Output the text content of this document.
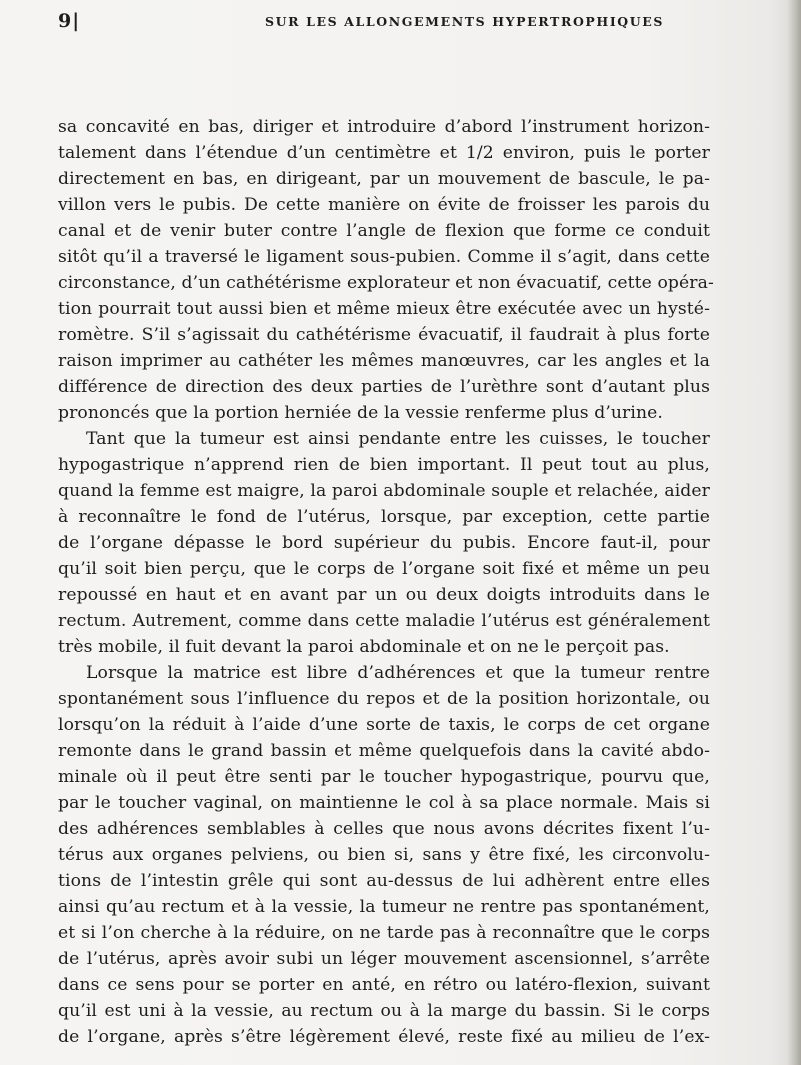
9|	SUR LES ALLONGEMENTS HYPERTROPHIQUES
sa concavité en bas, diriger et introduire d’abord l’instrument horizon-
talement dans l’étendue d’un centimètre et 1/2 environ, puis le porter
directement en bas, en dirigeant, par un mouvement de bascule, le pa-
villon vers le pubis. De cette manière on évite de froisser les parois du
canal et de venir buter contre l’angle de flexion que forme ce conduit
sitôt qu’il a traversé le ligament sous-pubien. Comme il s’agit, dans cette
circonstance, d’un cathétérisme explorateur et non évacuatif, cette opéra-
tion pourrait tout aussi bien et même mieux être exécutée avec un hysté-
romètre. S’il s’agissait du cathétérisme évacuatif, il faudrait à plus forte
raison imprimer au cathéter les mêmes manœuvres, car les angles et la
différence de direction des deux parties de l’urèthre sont d’autant plus
prononcés que la portion herniée de la vessie renferme plus d’urine.
Tant que la tumeur est ainsi pendante entre les cuisses, le toucher
hypogastrique n’apprend rien de bien important. Il peut tout au plus,
quand la femme est maigre, la paroi abdominale souple et relachée, aider
à reconnaître le fond de l’utérus, lorsque, par exception, cette partie
de l’organe dépasse le bord supérieur du pubis. Encore faut-il, pour
qu’il soit bien perçu, que le corps de l’organe soit fixé et même un peu
repoussé en haut et en avant par un ou deux doigts introduits dans le
rectum. Autrement, comme dans cette maladie l’utérus est généralement
très mobile, il fuit devant la paroi abdominale et on ne le perçoit pas.
Lorsque la matrice est libre d’adhérences et que la tumeur rentre
spontanément sous l’influence du repos et de la position horizontale, ou
lorsqu’on la réduit à l’aide d’une sorte de taxis, le corps de cet organe
remonte dans le grand bassin et même quelquefois dans la cavité abdo-
minale où il peut être senti par le toucher hypogastrique, pourvu que,
par le toucher vaginal, on maintienne le col à sa place normale. Mais si
des adhérences semblables à celles que nous avons décrites fixent l’u-
térus aux organes pelviens, ou bien si, sans y être fixé, les circonvolu-
tions de l’intestin grêle qui sont au-dessus de lui adhèrent entre elles
ainsi qu’au rectum et à la vessie, la tumeur ne rentre pas spontanément,
et si l’on cherche à la réduire, on ne tarde pas à reconnaître que le corps
de l’utérus, après avoir subi un léger mouvement ascensionnel, s’arrête
dans ce sens pour se porter en anté, en rétro ou latéro-flexion, suivant
qu’il est uni à la vessie, au rectum ou à la marge du bassin. Si le corps
de l’organe, après s’être légèrement élevé, reste fixé au milieu de l’ex-
